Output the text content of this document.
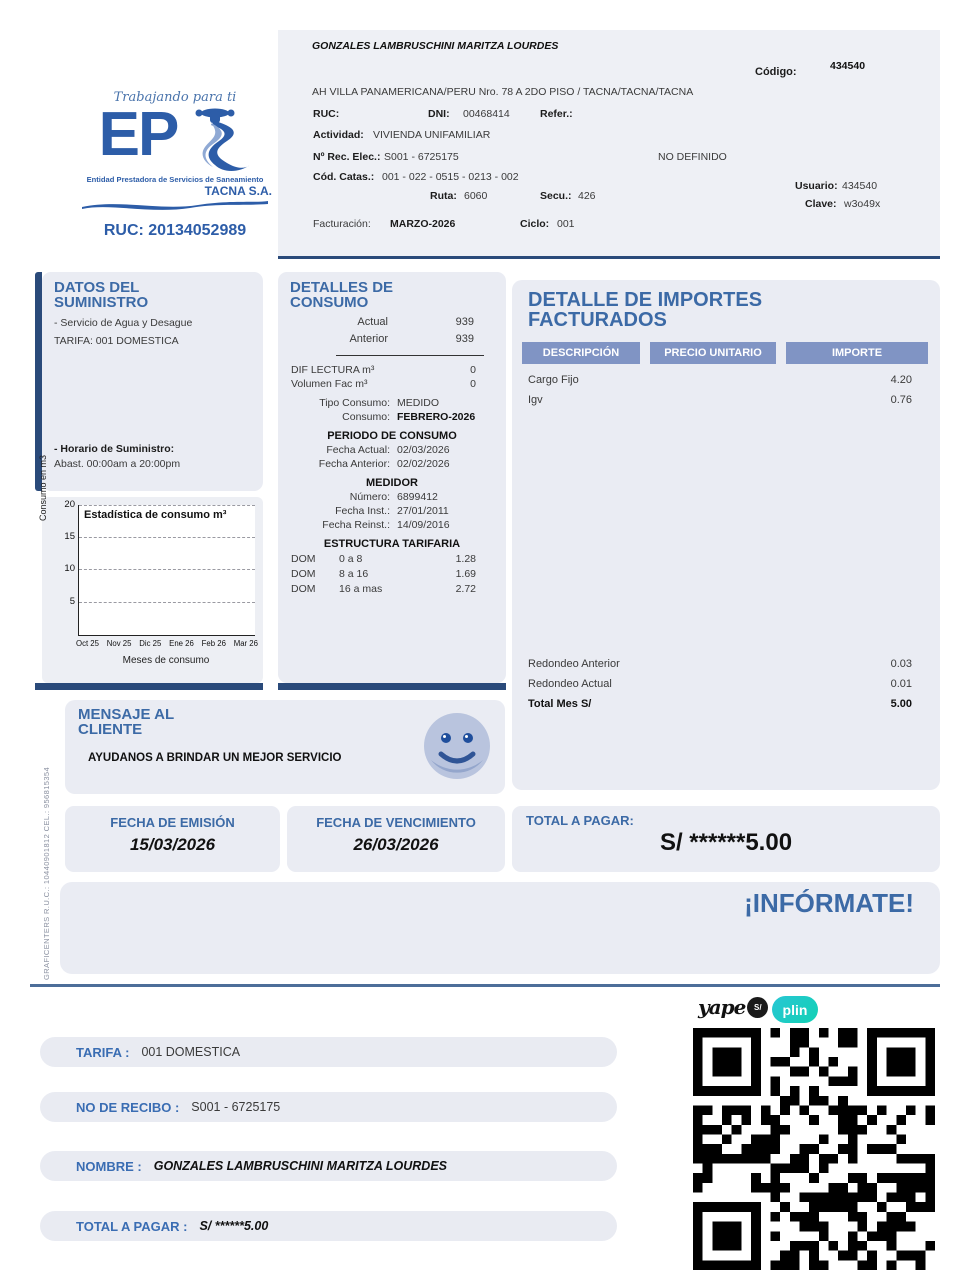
GRAFICENTERS R.U.C.: 10440901812 CEL.: 956815354
Trabajando para ti
EP
Entidad Prestadora de Servicios de Saneamiento
TACNA S.A.
RUC: 20134052989
GONZALES LAMBRUSCHINI MARITZA LOURDES
Código:	434540
AH VILLA PANAMERICANA/PERU Nro. 78 A 2DO PISO / TACNA/TACNA/TACNA
RUC:	DNI: 00468414	Refer.:
Actividad: VIVIENDA UNIFAMILIAR
Nº Rec. Elec.: S001 - 6725175	NO DEFINIDO
Cód. Catas.: 001 - 022 - 0515 - 0213 - 002
Ruta: 6060	Secu.: 426
Usuario: 434540
Clave: w3o49x
Facturación: MARZO-2026	Ciclo: 001
DATOS DEL SUMINISTRO
- Servicio de Agua y Desague
TARIFA: 001 DOMESTICA
- Horario de Suministro:
Abast. 00:00am a 20:00pm
Consumo en m3	20
15
10
5
Estadística de consumo m³
Oct 25 Nov 25 Dic 25 Ene 26 Feb 26 Mar 26
Meses de consumo
DETALLES DE CONSUMO
Actual	939
Anterior	939
DIF LECTURA m³	0
Volumen Fac m³	0
Tipo Consumo: MEDIDO
Consumo: FEBRERO-2026
PERIODO DE CONSUMO
Fecha Actual: 02/03/2026
Fecha Anterior: 02/02/2026
MEDIDOR
Número: 6899412
Fecha Inst.: 27/01/2011
Fecha Reinst.: 14/09/2016
ESTRUCTURA TARIFARIA
DOM	0 a 8	1.28
DOM	8 a 16	1.69
DOM	16 a mas	2.72
DETALLE DE IMPORTES FACTURADOS
DESCRIPCIÓN	PRECIO UNITARIO	IMPORTE
Cargo Fijo	4.20
Igv	0.76
Redondeo Anterior	0.03
Redondeo Actual	0.01
Total Mes S/	5.00
MENSAJE AL CLIENTE
AYUDANOS A BRINDAR UN MEJOR SERVICIO
FECHA DE EMISIÓN
15/03/2026
FECHA DE VENCIMIENTO
26/03/2026
TOTAL A PAGAR:
S/ ******5.00
¡INFÓRMATE!
yape	S/	plin
TARIFA : 001 DOMESTICA
NO DE RECIBO : S001 - 6725175
NOMBRE : GONZALES LAMBRUSCHINI MARITZA LOURDES
TOTAL A PAGAR : S/ ******5.00
